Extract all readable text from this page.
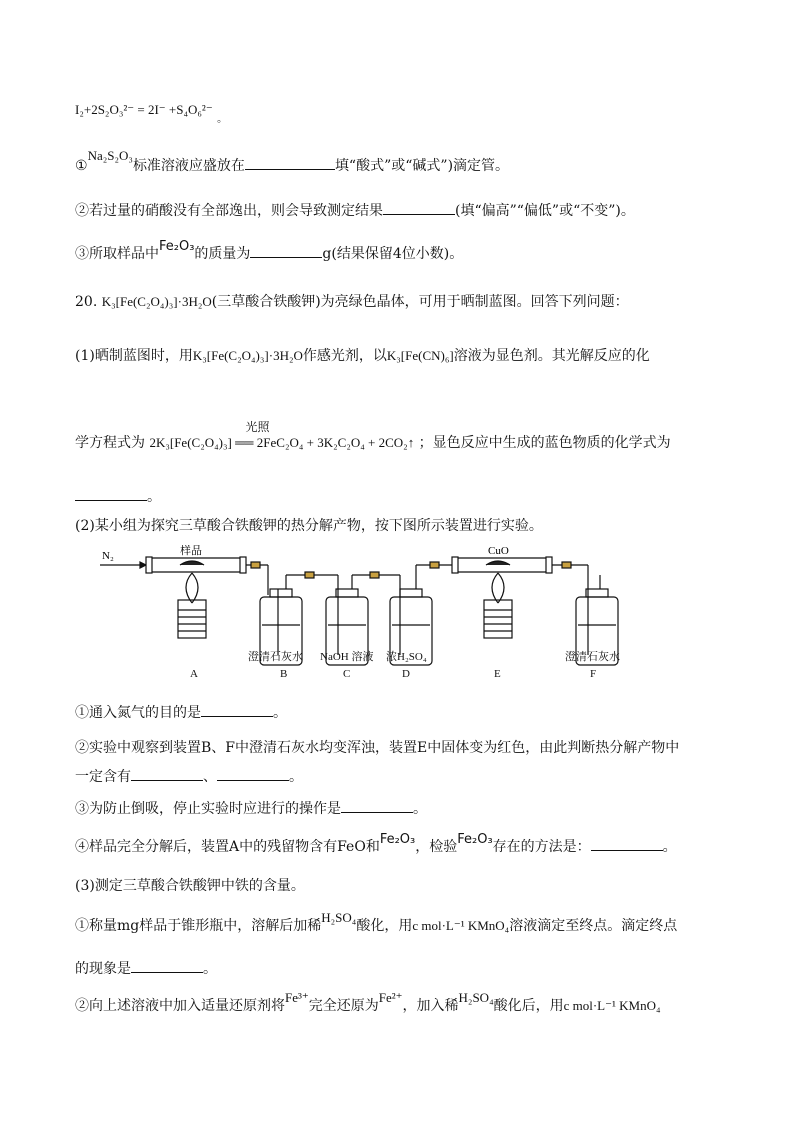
I₂+2S₂O₃²⁻ = 2I⁻ +S₄O₆²⁻ $_。$
①Na₂S₂O₃标准溶液应盛放在	填“酸式”或“碱式”)滴定管。
②若过量的硝酸没有全部逸出，则会导致测定结果	(填“偏高”“偏低”或“不变”)。
③所取样品中Fe₂O₃的质量为	g(结果保留4位小数)。
20. K₃[Fe(C₂O₄)₃]·3H₂O(三草酸合铁酸钾)为亮绿色晶体，可用于晒制蓝图。回答下列问题：
(1)晒制蓝图时，用K₃[Fe(C₂O₄)₃]·3H₂O作感光剂，以K₃[Fe(CN)₆]溶液为显色剂。其光解反应的化
学方程式为
光照
2K₃[Fe(C₂O₄)₃] ══ 2FeC₂O₄ + 3K₂C₂O₄ + 2CO₂↑ ；显色反应中生成的蓝色物质的化学式为
。
(2)某小组为探究三草酸合铁酸钾的热分解产物，按下图所示装置进行实验。
N₂	样品	CuO
澄清石灰水 NaOH 溶液 浓H₂SO₄	澄清石灰水
A	B	C	D	E	F
①通入氮气的目的是	。
②实验中观察到装置B、F中澄清石灰水均变浑浊，装置E中固体变为红色，由此判断热分解产物中
一定含有	、	。
③为防止倒吸，停止实验时应进行的操作是	。
④样品完全分解后，装置A中的残留物含有FeO和Fe₂O₃，检验Fe₂O₃存在的方法是：	。
(3)测定三草酸合铁酸钾中铁的含量。
①称量mg样品于锥形瓶中，溶解后加稀H₂SO₄酸化，用c mol·L⁻¹ KMnO₄溶液滴定至终点。滴定终点
的现象是	。
②向上述溶液中加入适量还原剂将Fe³⁺完全还原为Fe²⁺，加入稀H₂SO₄酸化后，用c mol·L⁻¹ KMnO₄
